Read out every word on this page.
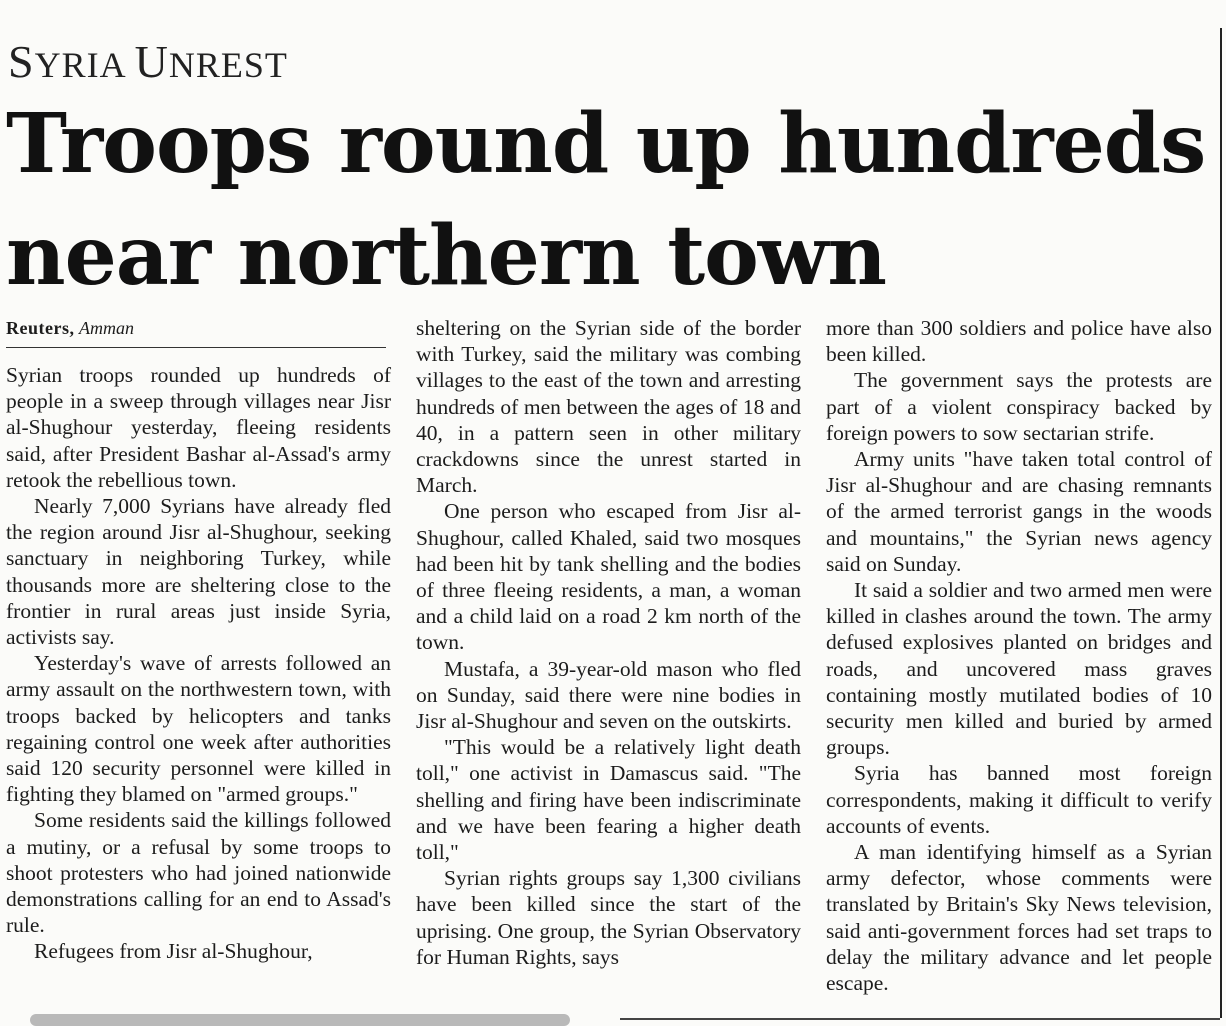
SYRIA UNREST
Troops round up hundreds
near northern town
Reuters, Amman

Syrian troops rounded up hundreds of people in a sweep through villages near Jisr al-Shughour yesterday, fleeing residents said, after President Bashar al-Assad's army retook the rebellious town.

Nearly 7,000 Syrians have already fled the region around Jisr al-Shughour, seeking sanctuary in neighboring Turkey, while thousands more are sheltering close to the frontier in rural areas just inside Syria, activists say.

Yesterday's wave of arrests followed an army assault on the northwestern town, with troops backed by helicopters and tanks regaining control one week after authorities said 120 security personnel were killed in fighting they blamed on "armed groups."

Some residents said the killings followed a mutiny, or a refusal by some troops to shoot protesters who had joined nationwide demonstrations calling for an end to Assad's rule.

Refugees from Jisr al-Shughour,

sheltering on the Syrian side of the border with Turkey, said the military was combing villages to the east of the town and arresting hundreds of men between the ages of 18 and 40, in a pattern seen in other military crackdowns since the unrest started in March.

One person who escaped from Jisr al-Shughour, called Khaled, said two mosques had been hit by tank shelling and the bodies of three fleeing residents, a man, a woman and a child laid on a road 2 km north of the town.

Mustafa, a 39-year-old mason who fled on Sunday, said there were nine bodies in Jisr al-Shughour and seven on the outskirts.

"This would be a relatively light death toll," one activist in Damascus said. "The shelling and firing have been indiscriminate and we have been fearing a higher death toll,"

Syrian rights groups say 1,300 civilians have been killed since the start of the uprising. One group, the Syrian Observatory for Human Rights, says

more than 300 soldiers and police have also been killed.

The government says the protests are part of a violent conspiracy backed by foreign powers to sow sectarian strife.

Army units "have taken total control of Jisr al-Shughour and are chasing remnants of the armed terrorist gangs in the woods and mountains," the Syrian news agency said on Sunday.

It said a soldier and two armed men were killed in clashes around the town. The army defused explosives planted on bridges and roads, and uncovered mass graves containing mostly mutilated bodies of 10 security men killed and buried by armed groups.

Syria has banned most foreign correspondents, making it difficult to verify accounts of events.

A man identifying himself as a Syrian army defector, whose comments were translated by Britain's Sky News television, said anti-government forces had set traps to delay the military advance and let people escape.
